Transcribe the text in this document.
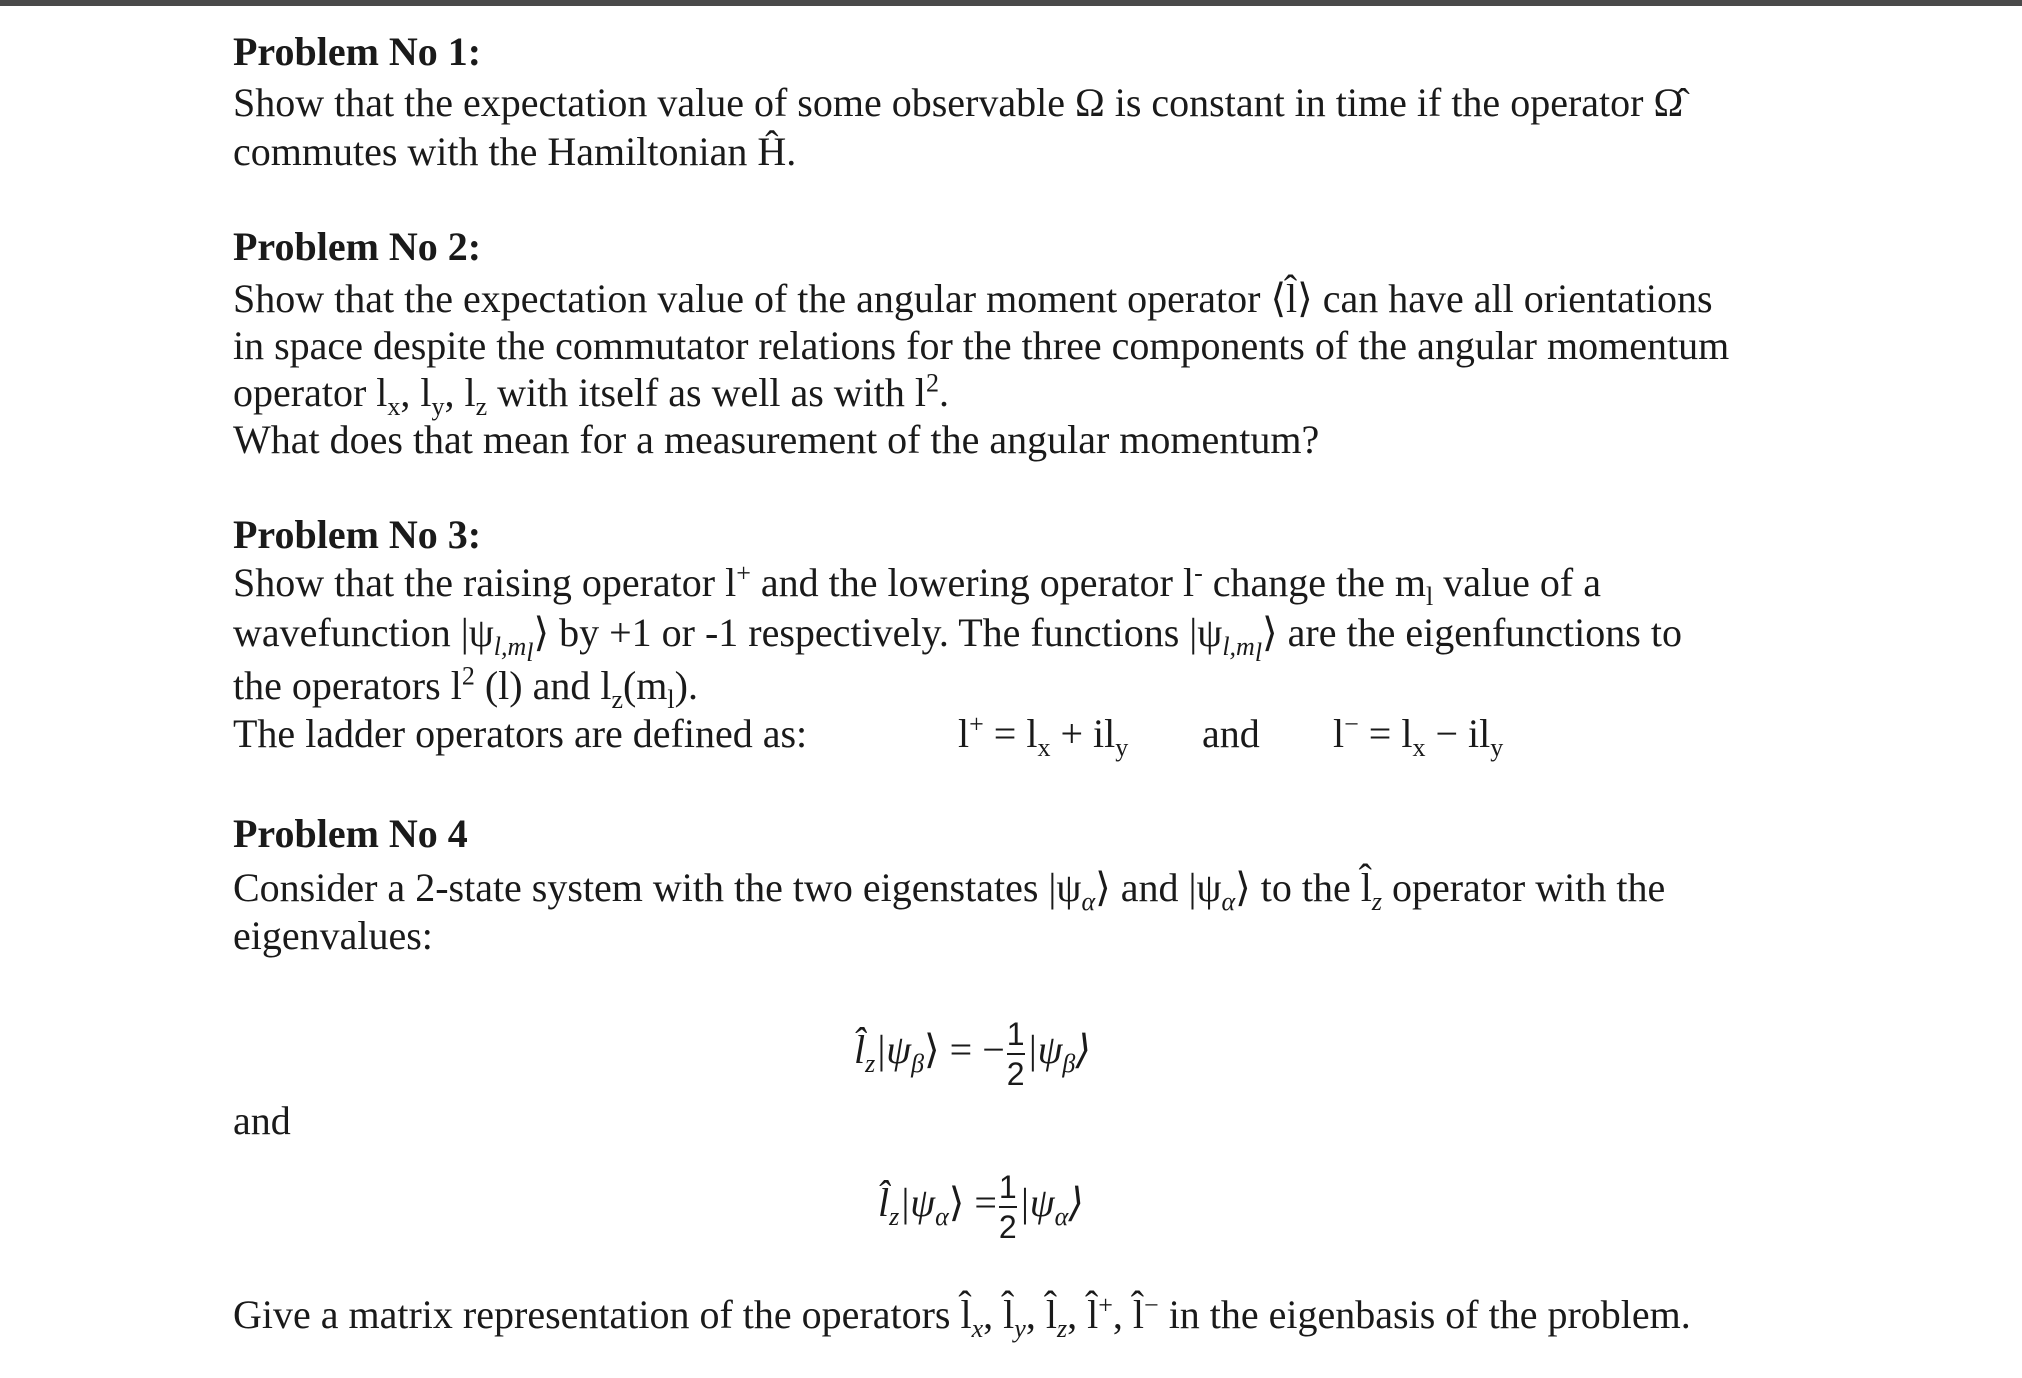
Problem No 1:
Show that the expectation value of some observable Ω is constant in time if the operator Ω̂
commutes with the Hamiltonian Ĥ.
Problem No 2:
Show that the expectation value of the angular moment operator ⟨l̂⟩ can have all orientations
in space despite the commutator relations for the three components of the angular momentum
operator $l_x$, $l_y$, $l_z$ with itself as well as with $l^2$.
What does that mean for a measurement of the angular momentum?
Problem No 3:
Show that the raising operator l+ and the lowering operator l- change the $m_l$ value of a
wavefunction $|\psi_{l,m_l}⟩$ by +1 or -1 respectively. The functions $|\psi_{l,m_l}⟩$ are the eigenfunctions to
the operators $l^2$ (l) and $l_z(m_l)$.
The ladder operators are defined as:	$l^+ = l_x + il_y$ and $l^- = l_x - il_y$
Problem No 4
Consider a 2-state system with the two eigenstates $|\psi_\alpha⟩$ and $|\psi_\alpha⟩$ to the $l̂_z$ operator with the
eigenvalues:
$l̂_z|\psi_\beta⟩$ = − $\frac{1}{2}$ $|\psi_\beta⟩$
and
$l̂_z|\psi_\alpha⟩ = \frac{1}{2}$ $|\psi_\alpha⟩$
Give a matrix representation of the operators $l̂_x$, $l̂_y$, $l̂_z$, l̂+, l̂− in the eigenbasis of the problem.
